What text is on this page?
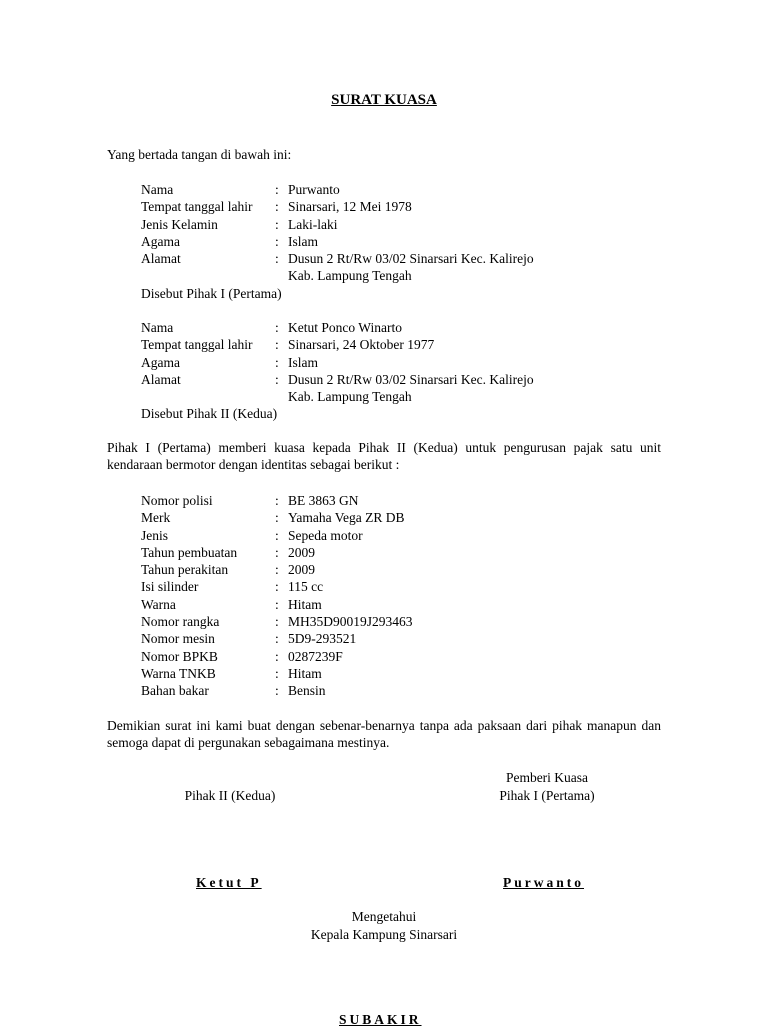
SURAT KUASA
Yang bertada tangan di bawah ini:
Nama	: Purwanto
Tempat tanggal lahir : Sinarsari, 12 Mei 1978
Jenis Kelamin	: Laki-laki
Agama	: Islam
Alamat	: Dusun 2 Rt/Rw 03/02 Sinarsari Kec. Kalirejo
Kab. Lampung Tengah
Disebut Pihak I (Pertama)
Nama	: Ketut Ponco Winarto
Tempat tanggal lahir : Sinarsari, 24 Oktober 1977
Agama	: Islam
Alamat	: Dusun 2 Rt/Rw 03/02 Sinarsari Kec. Kalirejo
Kab. Lampung Tengah
Disebut Pihak II (Kedua)
Pihak I (Pertama) memberi kuasa kepada Pihak II (Kedua) untuk pengurusan pajak satu unit kendaraan bermotor dengan identitas sebagai berikut :
Nomor polisi	: BE 3863 GN
Merk	: Yamaha Vega ZR DB
Jenis	: Sepeda motor
Tahun pembuatan	: 2009
Tahun perakitan	: 2009
Isi silinder	: 115 cc
Warna	: Hitam
Nomor rangka	: MH35D90019J293463
Nomor mesin	: 5D9-293521
Nomor BPKB	: 0287239F
Warna TNKB	: Hitam
Bahan bakar	: Bensin
Demikian surat ini kami buat dengan sebenar-benarnya tanpa ada paksaan dari pihak manapun dan semoga dapat di pergunakan sebagaimana mestinya.
Pemberi Kuasa
Pihak II (Kedua)	Pihak I (Pertama)
Ketut P	Purwanto
Mengetahui
Kepala Kampung Sinarsari
SUBAKIR
